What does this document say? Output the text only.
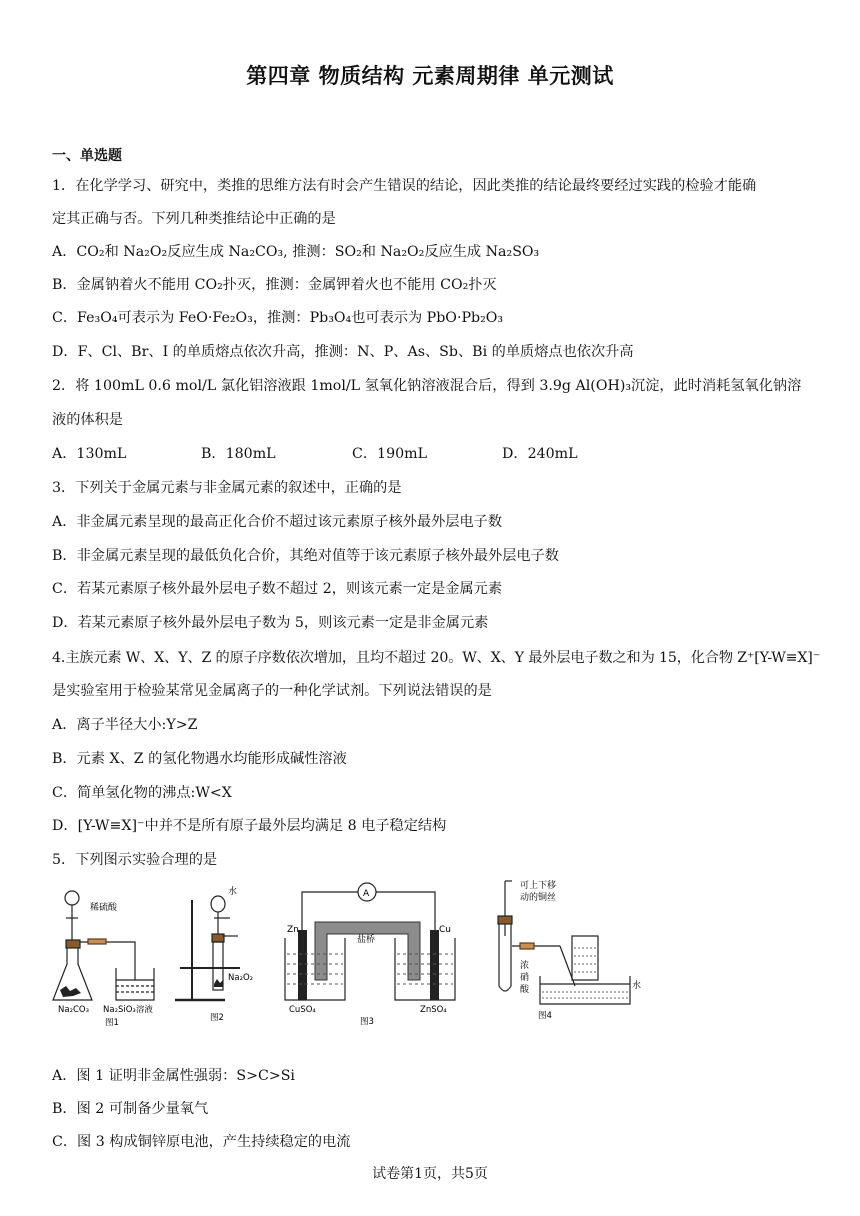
第四章 物质结构 元素周期律 单元测试
一、单选题
1．在化学学习、研究中，类推的思维方法有时会产生错误的结论，因此类推的结论最终要经过实践的检验才能确
定其正确与否。下列几种类推结论中正确的是
A．CO₂和 Na₂O₂反应生成 Na₂CO₃, 推测：SO₂和 Na₂O₂反应生成 Na₂SO₃
B．金属钠着火不能用 CO₂扑灭，推测：金属钾着火也不能用 CO₂扑灭
C．Fe₃O₄可表示为 FeO·Fe₂O₃，推测：Pb₃O₄也可表示为 PbO·Pb₂O₃
D．F、Cl、Br、I 的单质熔点依次升高，推测：N、P、As、Sb、Bi 的单质熔点也依次升高
2．将 100mL 0.6 mol/L 氯化铝溶液跟 1mol/L 氢氧化钠溶液混合后，得到 3.9g Al(OH)₃沉淀，此时消耗氢氧化钠溶
液的体积是
A．130mL	B．180mL	C．190mL	D．240mL
3．下列关于金属元素与非金属元素的叙述中，正确的是
A．非金属元素呈现的最高正化合价不超过该元素原子核外最外层电子数
B．非金属元素呈现的最低负化合价，其绝对值等于该元素原子核外最外层电子数
C．若某元素原子核外最外层电子数不超过 2，则该元素一定是金属元素
D．若某元素原子核外最外层电子数为 5，则该元素一定是非金属元素
4.主族元素 W、X、Y、Z 的原子序数依次增加，且均不超过 20。W、X、Y 最外层电子数之和为 15，化合物 Z⁺[Y-W≡X]⁻
是实验室用于检验某常见金属离子的一种化学试剂。下列说法错误的是
A．离子半径大小:Y>Z
B．元素 X、Z 的氢化物遇水均能形成碱性溶液
C．简单氢化物的沸点:W<X
D．[Y-W≡X]⁻中并不是所有原子最外层均满足 8 电子稳定结构
5．下列图示实验合理的是
稀硫酸
Na₂CO₃ Na₂SiO₃溶液
图1
水
Na₂O₂
图2
A
Zn	Cu
盐桥
CuSO₄	ZnSO₄
图3
可上下移
动的铜丝
浓
硝
酸	水
图4
A．图 1 证明非金属性强弱：S>C>Si
B．图 2 可制备少量氧气
C．图 3 构成铜锌原电池，产生持续稳定的电流
试卷第1页，共5页
